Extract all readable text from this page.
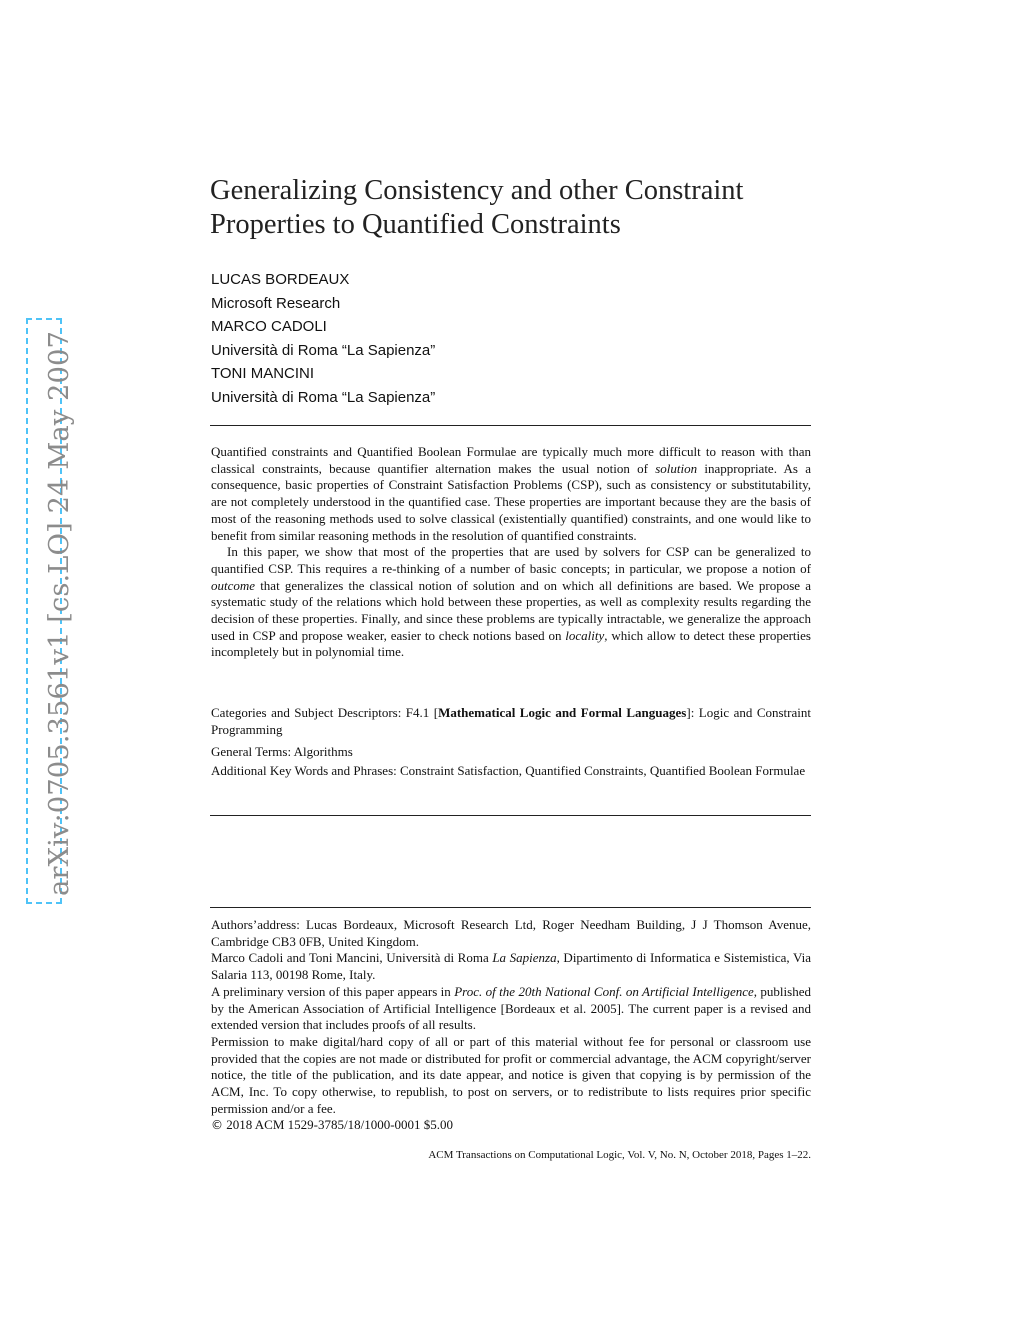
arXiv:0705.3561v1 [cs.LO] 24 May 2007
Generalizing Consistency and other Constraint Properties to Quantified Constraints
LUCAS BORDEAUX
Microsoft Research
MARCO CADOLI
Università di Roma “La Sapienza”
TONI MANCINI
Università di Roma “La Sapienza”

Quantified constraints and Quantified Boolean Formulae are typically much more difficult to reason with than classical constraints, because quantifier alternation makes the usual notion of solution inappropriate. As a consequence, basic properties of Constraint Satisfaction Problems (CSP), such as consistency or substitutability, are not completely understood in the quantified case. These properties are important because they are the basis of most of the reasoning methods used to solve classical (existentially quantified) constraints, and one would like to benefit from similar reasoning methods in the resolution of quantified constraints.

In this paper, we show that most of the properties that are used by solvers for CSP can be generalized to quantified CSP. This requires a re-thinking of a number of basic concepts; in particular, we propose a notion of outcome that generalizes the classical notion of solution and on which all definitions are based. We propose a systematic study of the relations which hold between these properties, as well as complexity results regarding the decision of these properties. Finally, and since these problems are typically intractable, we generalize the approach used in CSP and propose weaker, easier to check notions based on locality, which allow to detect these properties incompletely but in polynomial time.

Categories and Subject Descriptors: F4.1 [Mathematical Logic and Formal Languages]: Logic and Constraint Programming
General Terms: Algorithms
Additional Key Words and Phrases: Constraint Satisfaction, Quantified Constraints, Quantified Boolean Formulae

Authors’address: Lucas Bordeaux, Microsoft Research Ltd, Roger Needham Building, J J Thomson Avenue, Cambridge CB3 0FB, United Kingdom.

Marco Cadoli and Toni Mancini, Università di Roma La Sapienza, Dipartimento di Informatica e Sistemistica, Via Salaria 113, 00198 Rome, Italy.

A preliminary version of this paper appears in Proc. of the 20th National Conf. on Artificial Intelligence, published by the American Association of Artificial Intelligence [Bordeaux et al. 2005]. The current paper is a revised and extended version that includes proofs of all results.

Permission to make digital/hard copy of all or part of this material without fee for personal or classroom use provided that the copies are not made or distributed for profit or commercial advantage, the ACM copyright/server notice, the title of the publication, and its date appear, and notice is given that copying is by permission of the ACM, Inc. To copy otherwise, to republish, to post on servers, or to redistribute to lists requires prior specific permission and/or a fee.

© 2018 ACM 1529-3785/18/1000-0001 $5.00

ACM Transactions on Computational Logic, Vol. V, No. N, October 2018, Pages 1–22.
